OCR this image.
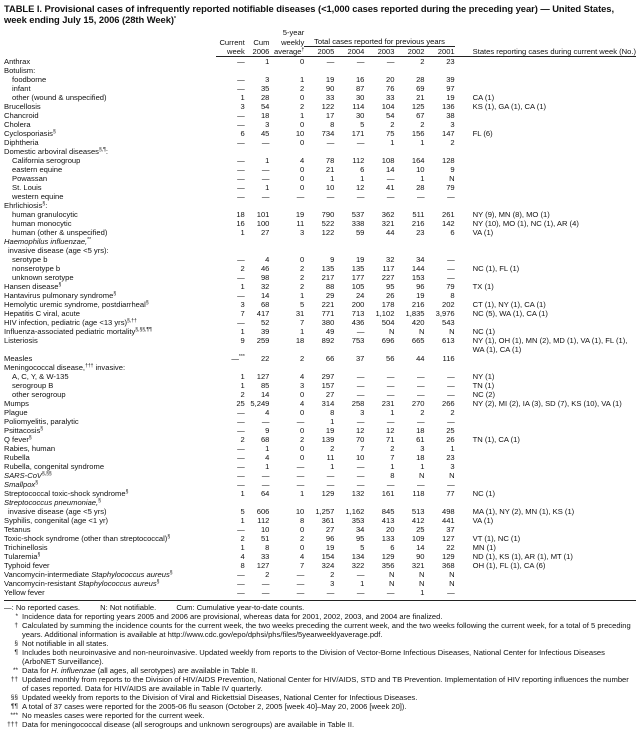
TABLE I. Provisional cases of infrequently reported notifiable diseases (<1,000 cases reported during the preceding year) — United States, week ending July 15, 2006 (28th Week)*
			5-year						
	Current	Cum	weekly	Total cases reported for previous years					
	week	2006	average†	2005	2004	2003	2002	2001	States reporting cases during current week (No.)
Anthrax	—	1	0	—	—	—	2	23	
Botulism:									
foodborne	—	3	1	19	16	20	28	39	
infant	—	35	2	90	87	76	69	97	
other (wound & unspecified)	1	28	0	33	30	33	21	19	CA (1)
Brucellosis	3	54	2	122	114	104	125	136	KS (1), GA (1), CA (1)
Chancroid	—	18	1	17	30	54	67	38	
Cholera	—	3	0	8	5	2	2	3	
Cyclosporiasis§	6	45	10	734	171	75	156	147	FL (6)
Diphtheria	—	—	0	—	—	1	1	2	
Domestic arboviral diseases§,¶:									
California serogroup	—	1	4	78	112	108	164	128	
eastern equine	—	—	0	21	6	14	10	9	
Powassan	—	—	0	1	1	—	1	N	
St. Louis	—	1	0	10	12	41	28	79	
western equine	—	—	—	—	—	—	—	—	
Ehrlichiosis§:									
human granulocytic	18	101	19	790	537	362	511	261	NY (9), MN (8), MO (1)
human monocytic	16	100	11	522	338	321	216	142	NY (10), MO (1), NC (1), AR (4)
human (other & unspecified)	1	27	3	122	59	44	23	6	VA (1)
Haemophilus influenzae,**									
invasive disease (age <5 yrs):									
serotype b	—	4	0	9	19	32	34	—	
nonserotype b	2	46	2	135	135	117	144	—	NC (1), FL (1)
unknown serotype	—	98	2	217	177	227	153	—	
Hansen disease§	1	32	2	88	105	95	96	79	TX (1)
Hantavirus pulmonary syndrome§	—	14	1	29	24	26	19	8	
Hemolytic uremic syndrome, postdiarrheal§	3	68	5	221	200	178	216	202	CT (1), NY (1), CA (1)
Hepatitis C viral, acute	7	417	31	771	713	1,102	1,835	3,976	NC (5), WA (1), CA (1)
HIV infection, pediatric (age <13 yrs)§,††	—	52	7	380	436	504	420	543	
Influenza-associated pediatric mortality§,§§,¶¶	1	39	1	49	—	N	N	N	NC (1)
Listeriosis	9	259	18	892	753	696	665	613	NY (1), OH (1), MN (2), MD (1), VA (1), FL (1),
									WA (1), CA (1)
Measles	—***	22	2	66	37	56	44	116	
Meningococcal disease,††† invasive:									
A, C, Y, & W-135	1	127	4	297	—	—	—	—	NY (1)
serogroup B	1	85	3	157	—	—	—	—	TN (1)
other serogroup	2	14	0	27	—	—	—	—	NC (2)
Mumps	25	5,249	4	314	258	231	270	266	NY (2), MI (2), IA (3), SD (7), KS (10), VA (1)
Plague	—	4	0	8	3	1	2	2	
Poliomyelitis, paralytic	—	—	—	1	—	—	—	—	
Psittacosis§	—	9	0	19	12	12	18	25	
Q fever§	2	68	2	139	70	71	61	26	TN (1), CA (1)
Rabies, human	—	1	0	2	7	2	3	1	
Rubella	—	4	0	11	10	7	18	23	
Rubella, congenital syndrome	—	1	—	1	—	1	1	3	
SARS-CoV§,§§	—	—	—	—	—	8	N	N	
Smallpox§	—	—	—	—	—	—	—	—	
Streptococcal toxic-shock syndrome§	1	64	1	129	132	161	118	77	NC (1)
Streptococcus pneumoniae,§									
invasive disease (age <5 yrs)	5	606	10	1,257	1,162	845	513	498	MA (1), NY (2), MN (1), KS (1)
Syphilis, congenital (age <1 yr)	1	112	8	361	353	413	412	441	VA (1)
Tetanus	—	10	0	27	34	20	25	37	
Toxic-shock syndrome (other than streptococcal)§	2	51	2	96	95	133	109	127	VT (1), NC (1)
Trichinellosis	1	8	0	19	5	6	14	22	MN (1)
Tularemia§	4	33	4	154	134	129	90	129	ND (1), KS (1), AR (1), MT (1)
Typhoid fever	8	127	7	324	322	356	321	368	OH (1), FL (1), CA (6)
Vancomycin-intermediate Staphylococcus aureus§	—	2	—	2	—	N	N	N	
Vancomycin-resistant Staphylococcus aureus§	—	—	—	3	1	N	N	N	
Yellow fever	—	—	—	—	—	—	1	—	
—: No reported cases.	N: Not notifiable.	Cum: Cumulative year-to-date counts.
* Incidence data for reporting years 2005 and 2006 are provisional, whereas data for 2001, 2002, 2003, and 2004 are finalized.
† Calculated by summing the incidence counts for the current week, the two weeks preceding the current week, and the two weeks following the current week, for a total of 5 preceding years. Additional information is available at http://www.cdc.gov/epo/dphsi/phs/files/5yearweeklyaverage.pdf.
§ Not notifiable in all states.
¶ Includes both neuroinvasive and non-neuroinvasive. Updated weekly from reports to the Division of Vector-Borne Infectious Diseases, National Center for Infectious Diseases (ArboNET Surveillance).
** Data for H. influenzae (all ages, all serotypes) are available in Table II.
†† Updated monthly from reports to the Division of HIV/AIDS Prevention, National Center for HIV/AIDS, STD and TB Prevention. Implementation of HIV reporting influences the number of cases reported. Data for HIV/AIDS are available in Table IV quarterly.
§§ Updated weekly from reports to the Division of Viral and Rickettsial Diseases, National Center for Infectious Diseases.
¶¶ A total of 37 cases were reported for the 2005-06 flu season (October 2, 2005 [week 40]–May 20, 2006 [week 20]).
*** No measles cases were reported for the current week.
††† Data for meningococcal disease (all serogroups and unknown serogroups) are available in Table II.
